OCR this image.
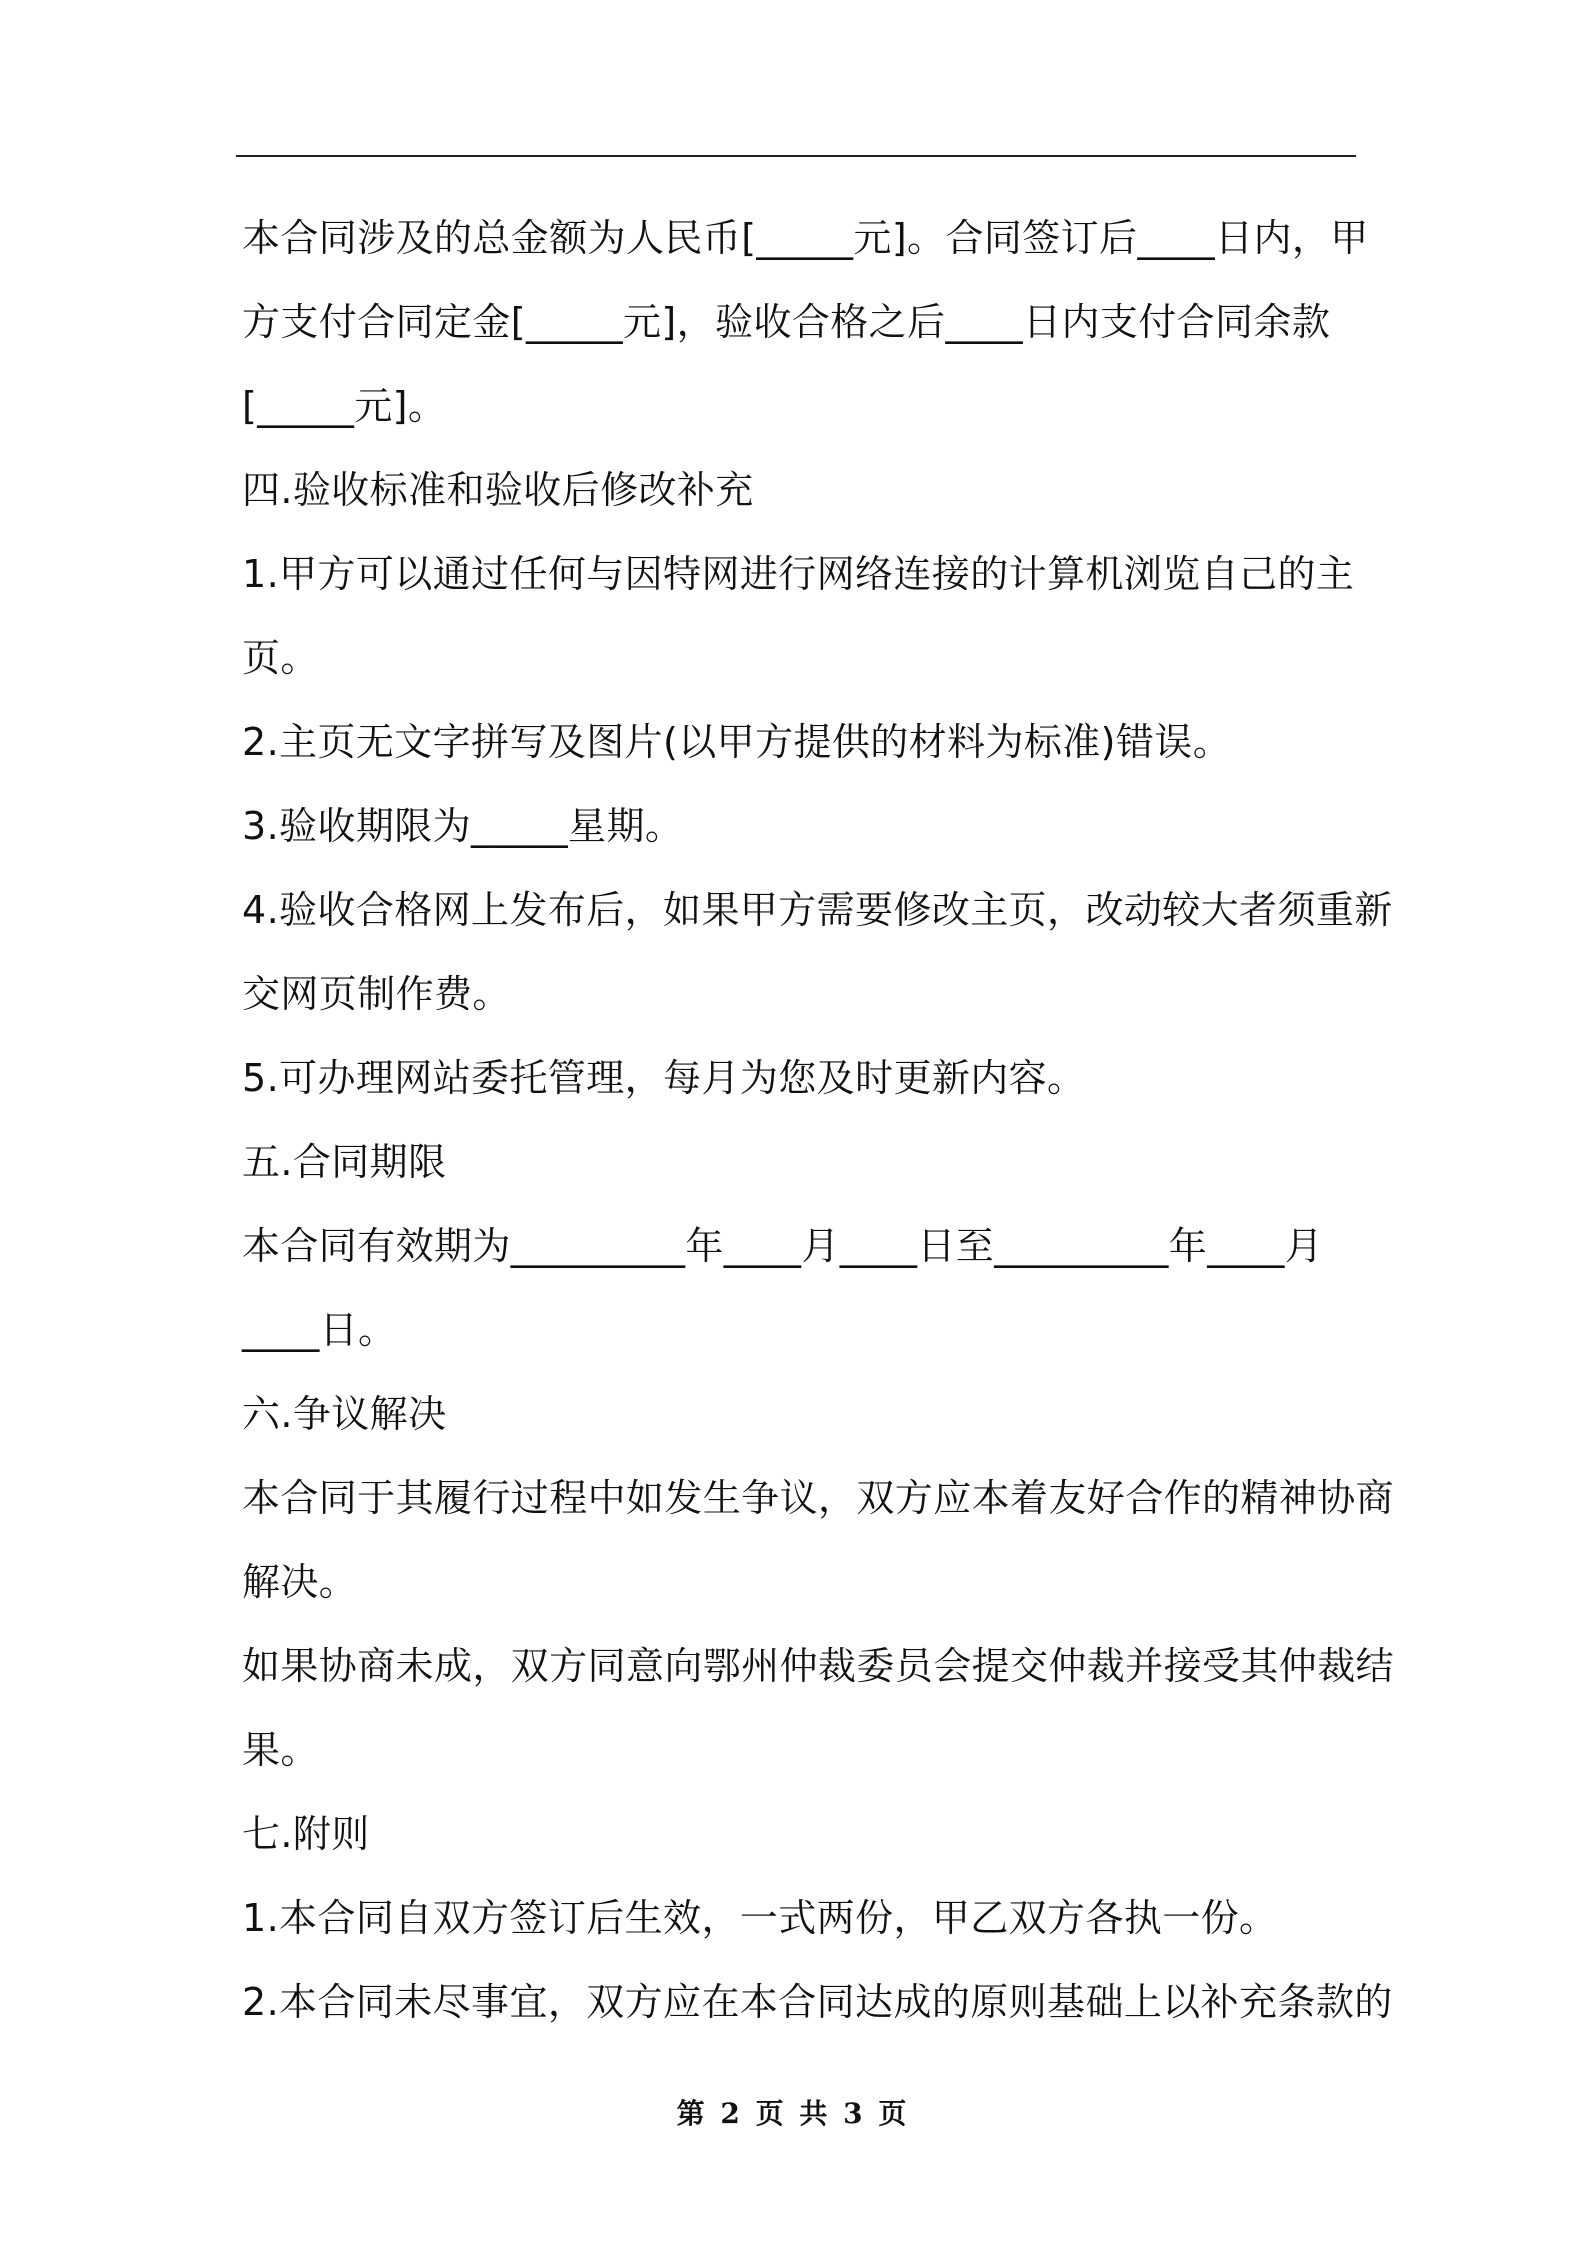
本合同涉及的总金额为人民币[_____元]。合同签订后____日内，甲
方支付合同定金[_____元]，验收合格之后____日内支付合同余款
[_____元]。
四.验收标准和验收后修改补充
1.甲方可以通过任何与因特网进行网络连接的计算机浏览自己的主
页。
2.主页无文字拼写及图片(以甲方提供的材料为标准)错误。
3.验收期限为_____星期。
4.验收合格网上发布后，如果甲方需要修改主页，改动较大者须重新
交网页制作费。
5.可办理网站委托管理，每月为您及时更新内容。
五.合同期限
本合同有效期为_________年____月____日至_________年____月
____日。
六.争议解决
本合同于其履行过程中如发生争议，双方应本着友好合作的精神协商
解决。
如果协商未成，双方同意向鄂州仲裁委员会提交仲裁并接受其仲裁结
果。
七.附则
1.本合同自双方签订后生效，一式两份，甲乙双方各执一份。
2.本合同未尽事宜，双方应在本合同达成的原则基础上以补充条款的
第 2 页 共 3 页
